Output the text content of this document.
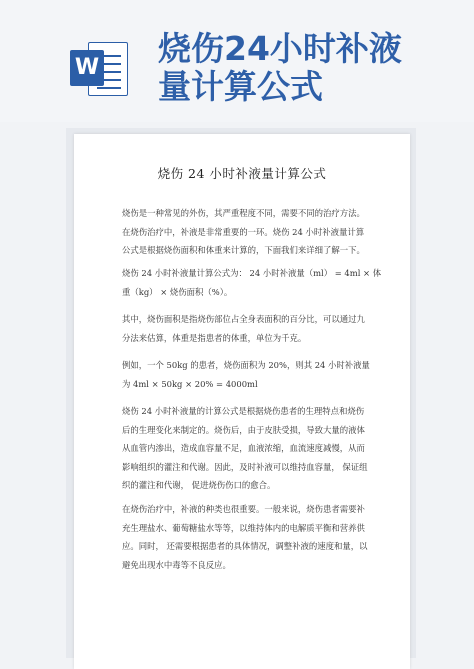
W 烧伤24小时补液
量计算公式
烧伤 24 小时补液量计算公式
烧伤是一种常见的外伤，其严重程度不同，需要不同的治疗方法。
在烧伤治疗中，补液是非常重要的一环。烧伤 24 小时补液量计算
公式是根据烧伤面积和体重来计算的，下面我们来详细了解一下。
烧伤 24 小时补液量计算公式为： 24 小时补液量（ml） = 4ml × 体
重（kg） × 烧伤面积（%）。
其中，烧伤面积是指烧伤部位占全身表面积的百分比，可以通过九
分法来估算，体重是指患者的体重，单位为千克。
例如，一个 50kg 的患者，烧伤面积为 20%，则其 24 小时补液量
为 4ml × 50kg × 20% = 4000ml
烧伤 24 小时补液量的计算公式是根据烧伤患者的生理特点和烧伤
后的生理变化来制定的。烧伤后，由于皮肤受损，导致大量的液体
从血管内渗出，造成血容量不足，血液浓缩，血流速度减慢，从而
影响组织的灌注和代谢。因此，及时补液可以维持血容量， 保证组
织的灌注和代谢， 促进烧伤伤口的愈合。
在烧伤治疗中，补液的种类也很重要。一般来说，烧伤患者需要补
充生理盐水、葡萄糖盐水等等，以维持体内的电解质平衡和营养供
应。同时， 还需要根据患者的具体情况，调整补液的速度和量，以
避免出现水中毒等不良反应。
